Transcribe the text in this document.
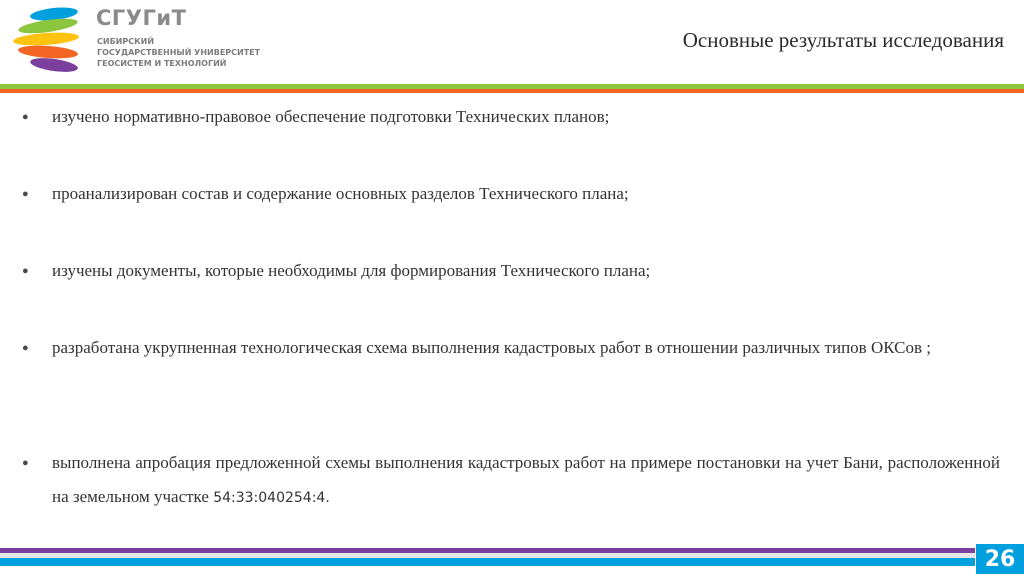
СГУГиТ
СИБИРСКИЙ
ГОСУДАРСТВЕННЫЙ УНИВЕРСИТЕТ
ГЕОСИСТЕМ И ТЕХНОЛОГИЙ
Основные результаты исследования
●	изучено нормативно-правовое обеспечение подготовки Технических планов;
●	проанализирован состав и содержание основных разделов Технического плана;
●	изучены документы, которые необходимы для формирования Технического плана;
●	разработана укрупненная технологическая схема выполнения кадастровых работ в отношении различных типов ОКСов ;
●	выполнена апробация предложенной схемы выполнения кадастровых работ на примере постановки на учет Бани, расположенной на земельном участке 54:33:040254:4.
26
